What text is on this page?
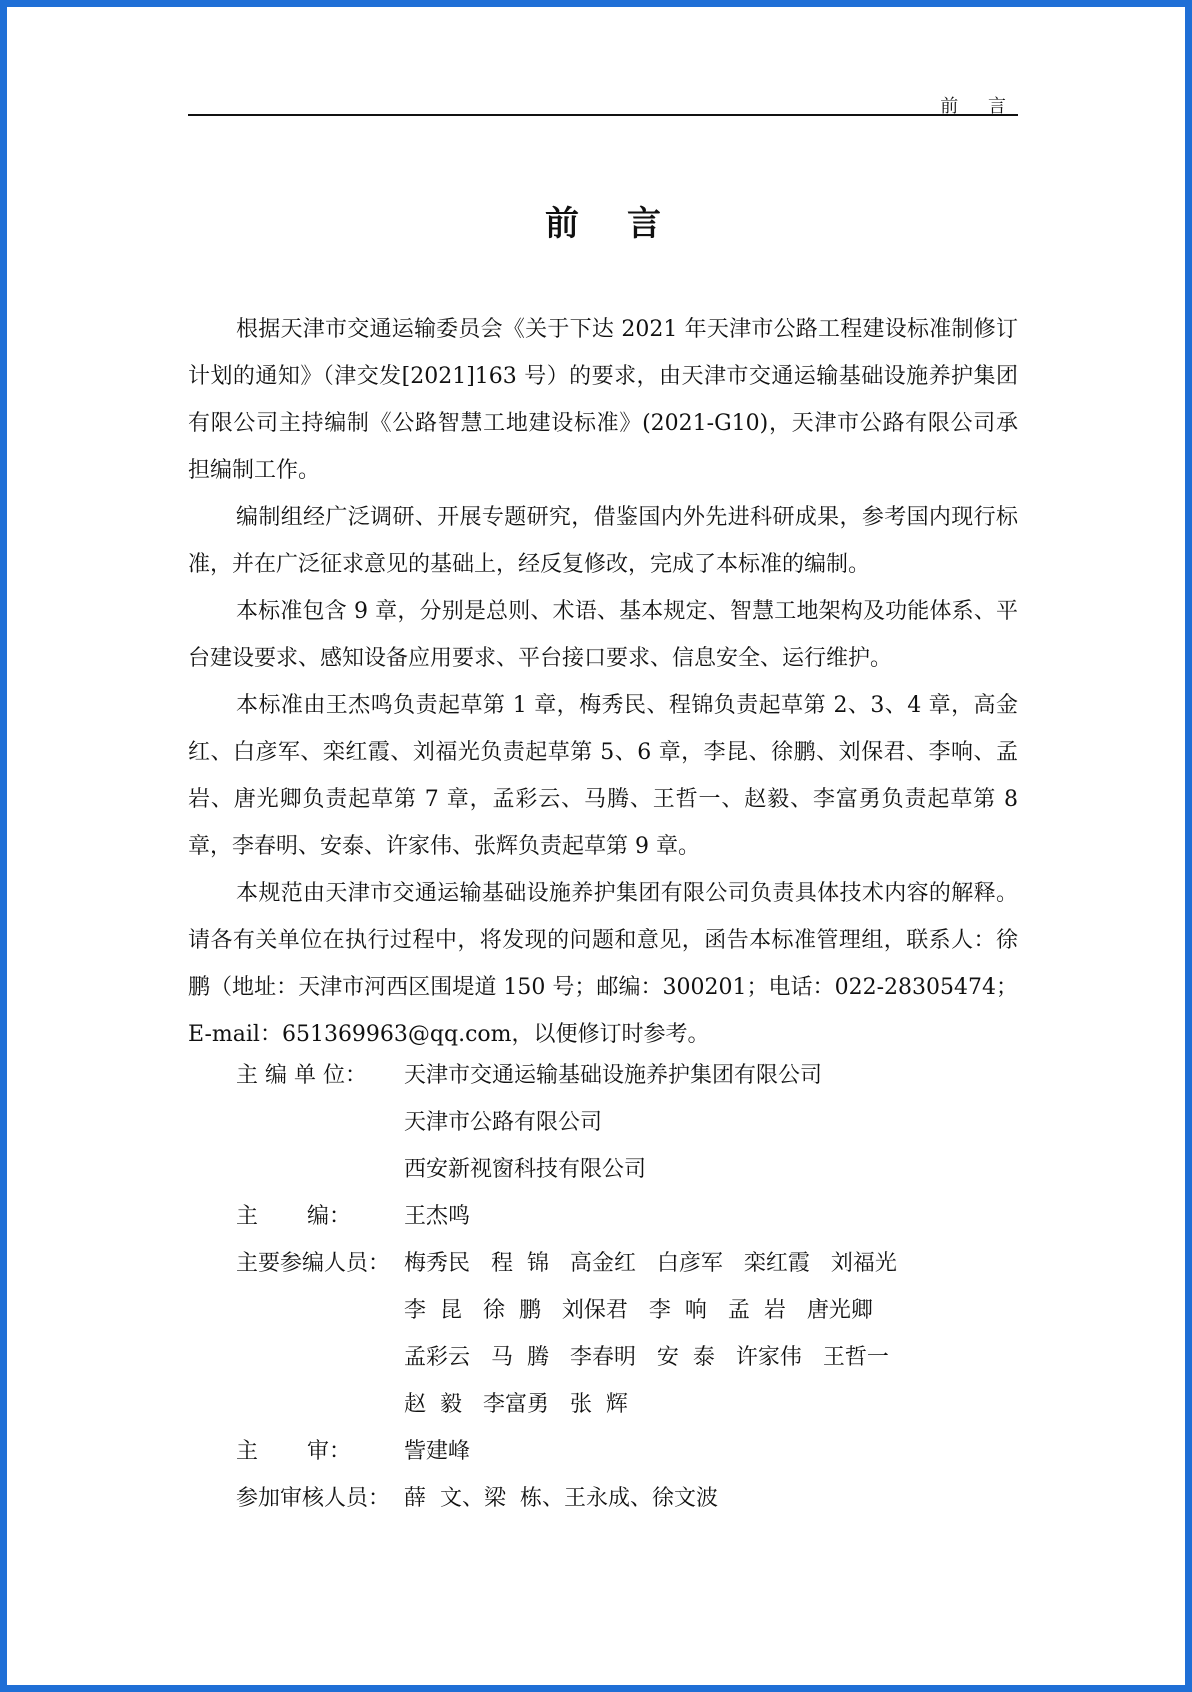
前 言
前言

根据天津市交通运输委员会《关于下达 2021 年天津市公路工程建设标准制修订计划的通知》（津交发[2021]163 号）的要求，由天津市交通运输基础设施养护集团有限公司主持编制《公路智慧工地建设标准》(2021-G10)，天津市公路有限公司承担编制工作。

编制组经广泛调研、开展专题研究，借鉴国内外先进科研成果，参考国内现行标准，并在广泛征求意见的基础上，经反复修改，完成了本标准的编制。

本标准包含 9 章，分别是总则、术语、基本规定、智慧工地架构及功能体系、平台建设要求、感知设备应用要求、平台接口要求、信息安全、运行维护。

本标准由王杰鸣负责起草第 1 章，梅秀民、程锦负责起草第 2、3、4 章，高金红、白彦军、栾红霞、刘福光负责起草第 5、6 章，李昆、徐鹏、刘保君、李响、孟岩、唐光卿负责起草第 7 章，孟彩云、马腾、王哲一、赵毅、李富勇负责起草第 8 章，李春明、安泰、许家伟、张辉负责起草第 9 章。

本规范由天津市交通运输基础设施养护集团有限公司负责具体技术内容的解释。请各有关单位在执行过程中，将发现的问题和意见，函告本标准管理组，联系人：徐鹏（地址：天津市河西区围堤道 150 号；邮编：300201；电话：022-28305474；E-mail：651369963@qq.com，以便修订时参考。

主 编 单 位：	天津市交通运输基础设施养护集团有限公司
天津市公路有限公司
西安新视窗科技有限公司
主       编：	王杰鸣
主要参编人员： 梅秀民   程  锦   高金红   白彦军   栾红霞   刘福光
李  昆   徐  鹏   刘保君   李  响   孟  岩   唐光卿
孟彩云   马  腾   李春明   安  泰   许家伟   王哲一
赵  毅   李富勇   张  辉
主       审：	訾建峰
参加审核人员： 薛  文、梁  栋、王永成、徐文波
